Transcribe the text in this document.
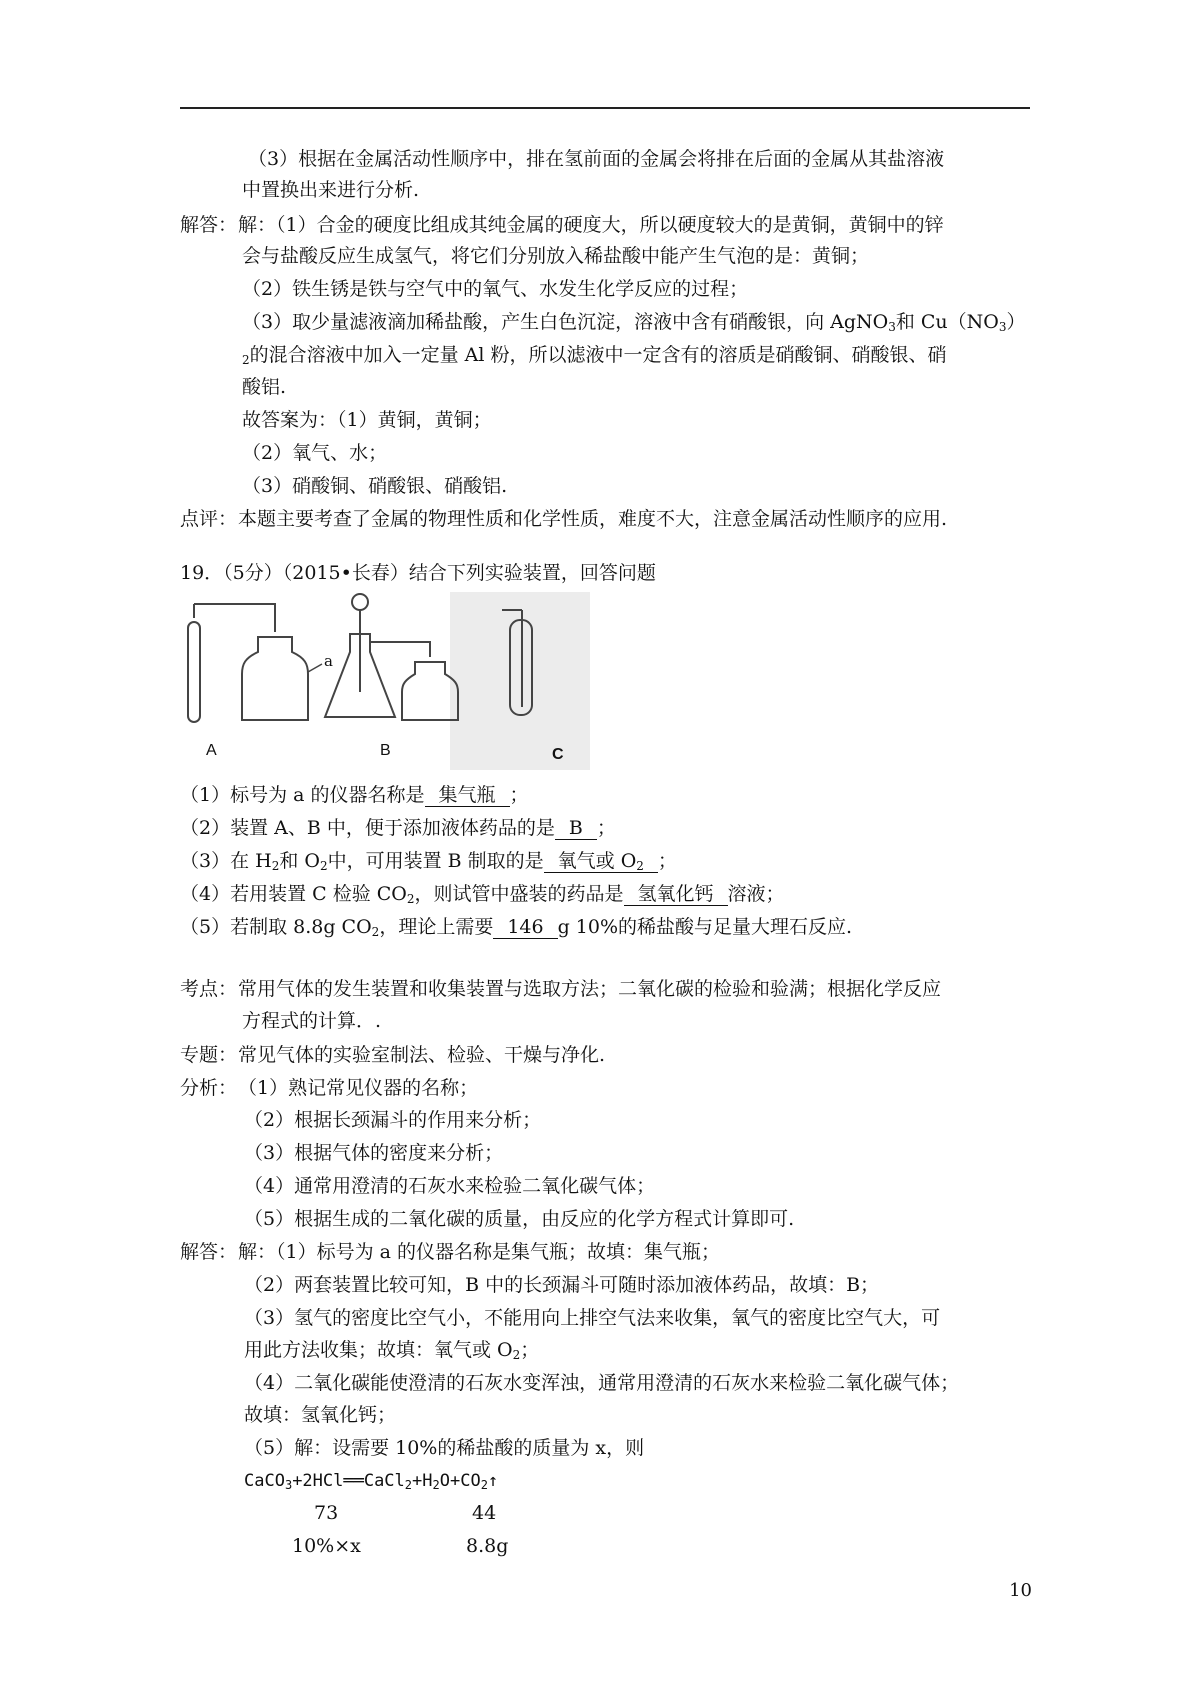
（3）根据在金属活动性顺序中，排在氢前面的金属会将排在后面的金属从其盐溶液
中置换出来进行分析.
解答： 解：（1）合金的硬度比组成其纯金属的硬度大，所以硬度较大的是黄铜，黄铜中的锌
会与盐酸反应生成氢气，将它们分别放入稀盐酸中能产生气泡的是：黄铜；
（2）铁生锈是铁与空气中的氧气、水发生化学反应的过程；
（3）取少量滤液滴加稀盐酸，产生白色沉淀，溶液中含有硝酸银，向 AgNO$_3$和 $Cu(NO_3)$
$_2$的混合溶液中加入一定量 Al 粉，所以滤液中一定含有的溶质是硝酸铜、硝酸银、硝
酸铝.
故答案为：（1）黄铜，黄铜；
（2）氧气、水；
（3）硝酸铜、硝酸银、硝酸铝.
点评： 本题主要考查了金属的物理性质和化学性质，难度不大，注意金属活动性顺序的应用.
19．（5分）（2015•长春）结合下列实验装置，回答问题
a
A	B	C
（1）标号为 a 的仪器名称是 集气瓶 ；
（2）装置 A、B 中，便于添加液体药品的是 B ；
（3）在 $H_2$和 $O_2$中，可用装置 B 制取的是 氧气或 $O_2$ ；
（4）若用装置 C 检验 $CO_2$，则试管中盛装的药品是 氢氧化钙 溶液；
（5）若制取 8.8g $CO_2$，理论上需要 146 g 10%的稀盐酸与足量大理石反应.
考点： 常用气体的发生装置和收集装置与选取方法；二氧化碳的检验和验满；根据化学反应
方程式的计算．.
专题： 常见气体的实验室制法、检验、干燥与净化.
分析： （1）熟记常见仪器的名称；
（2）根据长颈漏斗的作用来分析；
（3）根据气体的密度来分析；
（4）通常用澄清的石灰水来检验二氧化碳气体；
（5）根据生成的二氧化碳的质量，由反应的化学方程式计算即可.
解答： 解：（1）标号为 a 的仪器名称是集气瓶；故填：集气瓶；
（2）两套装置比较可知，B 中的长颈漏斗可随时添加液体药品，故填：B；
（3）氢气的密度比空气小，不能用向上排空气法来收集，氧气的密度比空气大，可
用此方法收集；故填：氧气或 $O_2$；
（4）二氧化碳能使澄清的石灰水变浑浊，通常用澄清的石灰水来检验二氧化碳气体；
故填：氢氧化钙；
（5）解：设需要 10%的稀盐酸的质量为 x，则
$CaCO_3+2HCl══CaCl_2+H_2O+CO_2↑$
73	44
10%×x	8.8g
10
